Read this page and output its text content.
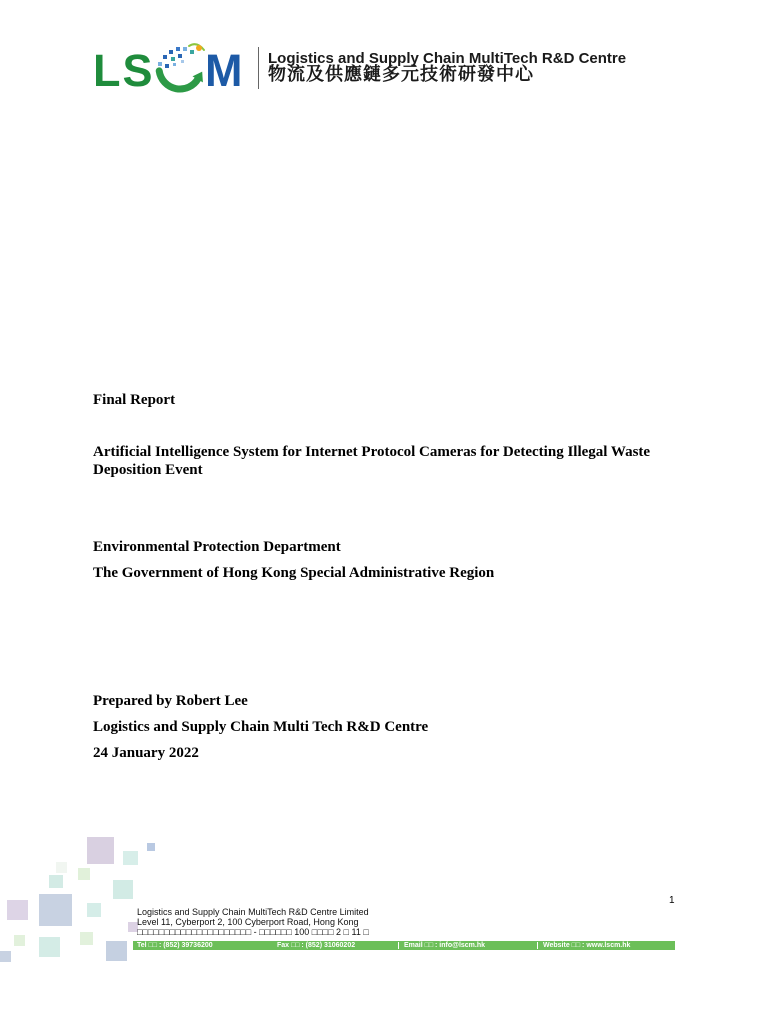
LS M Logistics and Supply Chain MultiTech R&D Centre
物流及供應鏈多元技術研發中心
Final Report
Artificial Intelligence System for Internet Protocol Cameras for Detecting Illegal Waste Deposition Event
Environmental Protection Department
The Government of Hong Kong Special Administrative Region
Prepared by Robert Lee
Logistics and Supply Chain Multi Tech R&D Centre
24 January 2022
1
Logistics and Supply Chain MultiTech R&D Centre Limited
Level 11, Cyberport 2, 100 Cyberport Road, Hong Kong
□□□□□□□□□□□□□□□□□□□□□ - □□□□□□ 100 □□□□ 2 □ 11 □
Tel □□ : (852) 39736200	Fax □□ : (852) 31060202	Email □□ : info@lscm.hk	Website □□ : www.lscm.hk
